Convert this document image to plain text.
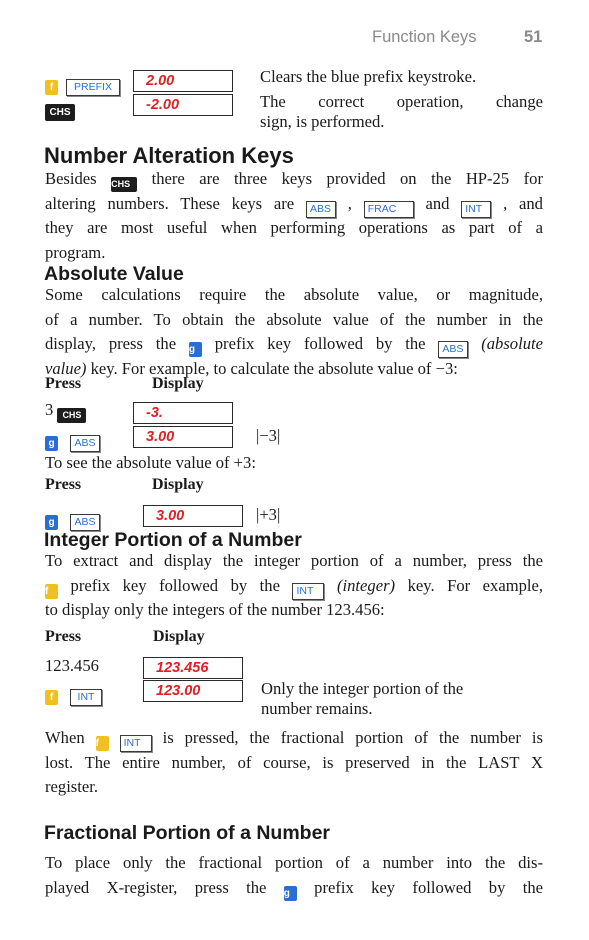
Function Keys	51
f PREFIX	2.00	Clears the blue prefix keystroke.
CHS	-2.00	The correct operation, change
sign, is performed.
Number Alteration Keys
Besides CHS there are three keys provided on the HP-25 for
altering numbers. These keys are ABS , FRAC and INT , and
they are most useful when performing operations as part of a
program.
Absolute Value
Some calculations require the absolute value, or magnitude,
of a number. To obtain the absolute value of the number in the
display, press the g prefix key followed by the ABS (absolute
value) key. For example, to calculate the absolute value of −3:
Press	Display
3 CHS	-3.
g ABS	3.00	|−3|
To see the absolute value of +3:
Press	Display
g ABS	3.00	|+3|
Integer Portion of a Number
To extract and display the integer portion of a number, press the
f prefix key followed by the INT (integer) key. For example,
to display only the integers of the number 123.456:
Press	Display
123.456	123.456
f INT	123.00	Only the integer portion of the
number remains.
When f INT is pressed, the fractional portion of the number is
lost. The entire number, of course, is preserved in the LAST X
register.
Fractional Portion of a Number
To place only the fractional portion of a number into the dis-
played X-register, press the g prefix key followed by the
